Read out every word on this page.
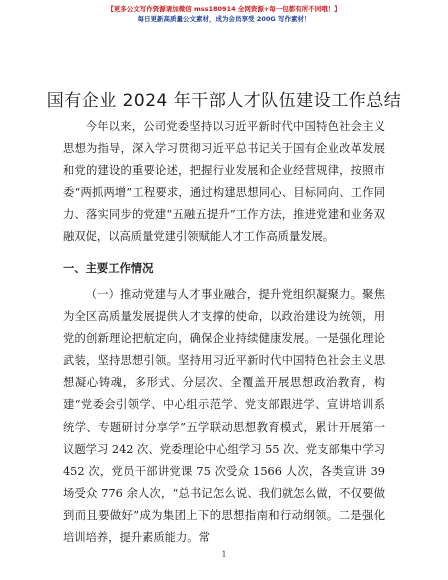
【更多公文写作资源请加微信 mss180914 全网资源+每一包都有所不同哦！】
每日更新高质量公文素材，成为会员享受 200G 写作素材！
国有企业 2024 年干部人才队伍建设工作总结

今年以来，公司党委坚持以习近平新时代中国特色社会主义思想为指导，深入学习贯彻习近平总书记关于国有企业改革发展和党的建设的重要论述，把握行业发展和企业经营规律，按照市委“两抓两增”工程要求，通过构建思想同心、目标同向、工作同力、落实同步的党建“五融五提升”工作方法，推进党建和业务双融双促，以高质量党建引领赋能人才工作高质量发展。

一、主要工作情况

（一）推动党建与人才事业融合，提升党组织凝聚力。聚焦为全区高质量发展提供人才支撑的使命，以政治建设为统领，用党的创新理论把航定向，确保企业持续健康发展。一是强化理论武装，坚持思想引领。坚持用习近平新时代中国特色社会主义思想凝心铸魂，多形式、分层次、全覆盖开展思想政治教育，构建“党委会引领学、中心组示范学、党支部跟进学、宣讲培训系统学、专题研讨分享学”五学联动思想教育模式，累计开展第一议题学习 242 次、党委理论中心组学习 55 次、党支部集中学习 452 次，党员干部讲党课 75 次受众 1566 人次，各类宣讲 39 场受众 776 余人次，“总书记怎么说、我们就怎么做，不仅要做到而且要做好”成为集团上下的思想指南和行动纲领。二是强化培训培养，提升素质能力。常

1
